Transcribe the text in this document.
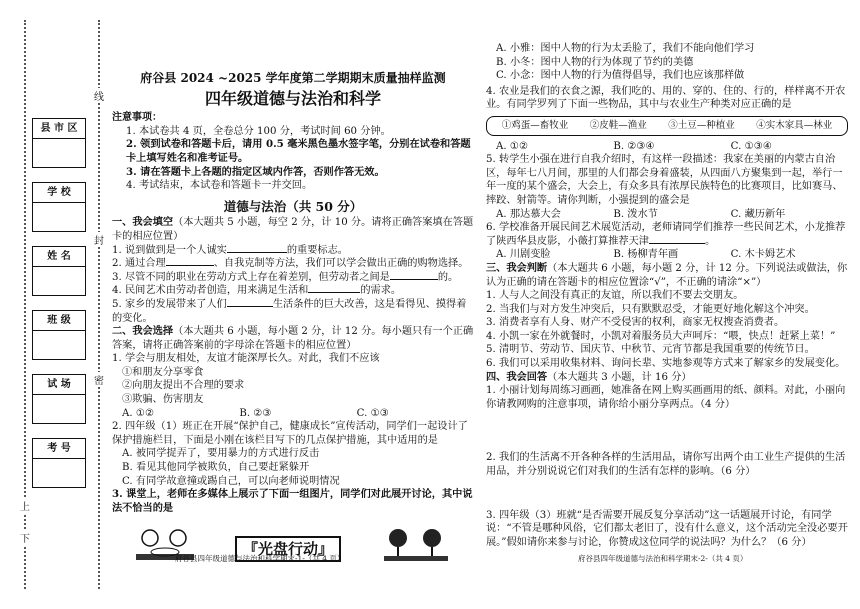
线
封
密
上
下
县 市 区
学 校
姓 名
班 级
试 场
考 号
府谷县 2024 ~2025 学年度第二学期期末质量抽样监测
四年级道德与法治和科学
注意事项：
1. 本试卷共 4 页，全卷总分 100 分，考试时间 60 分钟。
2. 领到试卷和答题卡后，请用 0.5 毫米黑色墨水签字笔，分别在试卷和答题卡上填写姓名和准考证号。
3. 请在答题卡上各题的指定区域内作答，否则作答无效。
4. 考试结束，本试卷和答题卡一并交回。
道德与法治（共 50 分）
一、我会填空（本大题共 5 小题，每空 2 分，计 10 分。请将正确答案填在答题卡的相应位置）
1. 说到做到是一个人诚实	的重要标志。
2. 通过合理	、自我克制等方法，我们可以学会做出正确的购物选择。
3. 尽管不同的职业在劳动方式上存在着差别，但劳动者之间是	的。
4. 民间艺术由劳动者创造，用来满足生活和	的需求。
5. 家乡的发展带来了人们	生活条件的巨大改善，这是看得见、摸得着的变化。
二、我会选择（本大题共 6 小题，每小题 2 分，计 12 分。每小题只有一个正确答案，请将正确答案前的字母涂在答题卡的相应位置）
1. 学会与朋友相处，友谊才能深厚长久。对此，我们不应该
①和朋友分享零食
②向朋友提出不合理的要求
③欺骗、伤害朋友
A. ①②	B. ②③	C. ①③
2. 四年级（1）班正在开展“保护自己，健康成长”宣传活动，同学们一起设计了保护措施栏目，下面是小刚在该栏目写下的几点保护措施，其中适用的是
A. 被同学捉弄了，要用暴力的方式进行反击
B. 看见其他同学被欺负，自己要赶紧躲开
C. 有同学故意撞或踢自己，可以向老师说明情况
3. 课堂上，老师在多媒体上展示了下面一组图片，同学们对此展开讨论，其中说法不恰当的是
『光盘行动』
府谷县四年级道德与法治和科学期末-1-（共 4 页）
A. 小雅：图中人物的行为太丢脸了，我们不能向他们学习
B. 小冬：图中人物的行为体现了节约的美德
C. 小念：图中人物的行为值得倡导，我们也应该那样做
4. 农业是我们的衣食之源，我们吃的、用的、穿的、住的、行的，样样离不开农业。有同学罗列了下面一些物品，其中与农业生产种类对应正确的是
①鸡蛋—畜牧业 ②皮鞋—渔业 ③土豆—种植业 ④实木家具—林业
A. ①②	B. ②③④	C. ①③④
5. 转学生小强在进行自我介绍时，有这样一段描述：我家在美丽的内蒙古自治区，每年七八月间，那里的人们都会身着盛装，从四面八方聚集到一起，举行一年一度的某个盛会，大会上，有众多具有浓厚民族特色的比赛项目，比如赛马、摔跤、射箭等。请你判断，小强提到的盛会是
A. 那达慕大会	B. 泼水节	C. 藏历新年
6. 学校准备开展民间艺术展览活动，老师请同学们推荐一些民间艺术，小龙推荐了陕西华县皮影，小薇打算推荐天津	。
A. 川剧变脸	B. 杨柳青年画	C. 木卡姆艺术
三、我会判断（本大题共 6 小题，每小题 2 分，计 12 分。下列说法或做法，你认为正确的请在答题卡的相应位置涂“√”，不正确的请涂“×”）
1. 人与人之间没有真正的友谊，所以我们不要去交朋友。
2. 当我们与对方发生冲突后，只有默默忍受，才能更好地化解这个冲突。
3. 消费者享有人身、财产不受侵害的权利，商家无权搜查消费者。
4. 小凯一家在外就餐时，小凯对着服务员大声呵斥：“喂，快点！赶紧上菜！”
5. 清明节、劳动节、国庆节、中秋节、元宵节都是我国重要的传统节日。
6. 我们可以采用收集材料、询问长辈、实地参观等方式来了解家乡的发展变化。
四、我会回答（本大题共 3 小题，计 16 分）
1. 小丽计划每周练习画画，她准备在网上购买画画用的纸、颜料。对此，小丽向你请教网购的注意事项，请你给小丽分享两点。（4 分）
2. 我们的生活离不开各种各样的生活用品，请你写出两个由工业生产提供的生活用品，并分别说说它们对我们的生活有怎样的影响。（6 分）
3. 四年级（3）班就“是否需要开展反复分享活动”这一话题展开讨论，有同学说：“不管是哪种风俗，它们都太老旧了，没有什么意义，这个活动完全没必要开展。”假如请你来参与讨论，你赞成这位同学的说法吗？为什么？（6 分）
府谷县四年级道德与法治和科学期末-2-（共 4 页）
